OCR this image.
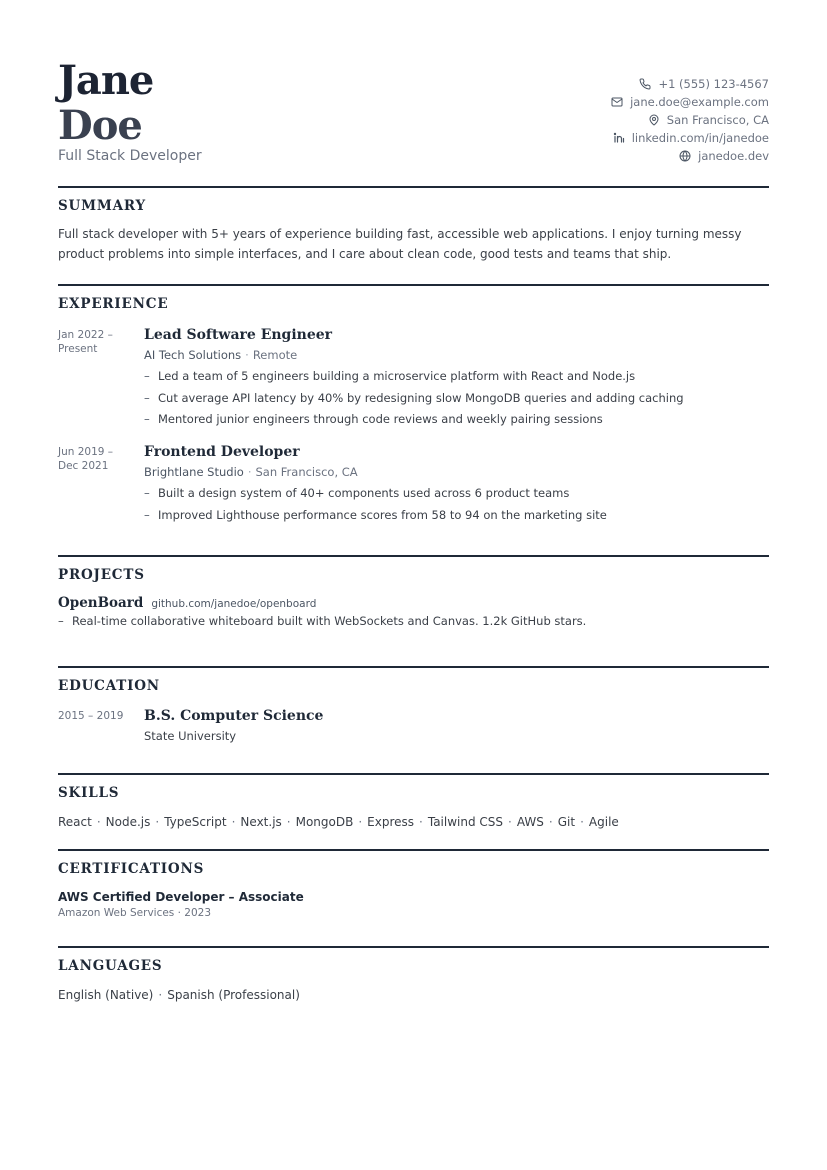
Jane
Doe
Full Stack Developer
+1 (555) 123-4567
jane.doe@example.com
San Francisco, CA
linkedin.com/in/janedoe
janedoe.dev
SUMMARY
Full stack developer with 5+ years of experience building fast, accessible web applications. I enjoy turning messy product problems into simple interfaces, and I care about clean code, good tests and teams that ship.
EXPERIENCE
Jan 2022 –
Present
Lead Software Engineer
AI Tech Solutions · Remote
– Led a team of 5 engineers building a microservice platform with React and Node.js
– Cut average API latency by 40% by redesigning slow MongoDB queries and adding caching
– Mentored junior engineers through code reviews and weekly pairing sessions
Jun 2019 –
Dec 2021
Frontend Developer
Brightlane Studio · San Francisco, CA
– Built a design system of 40+ components used across 6 product teams
– Improved Lighthouse performance scores from 58 to 94 on the marketing site
PROJECTS
OpenBoard github.com/janedoe/openboard
– Real-time collaborative whiteboard built with WebSockets and Canvas. 1.2k GitHub stars.
EDUCATION
2015 – 2019	B.S. Computer Science
State University
SKILLS
React · Node.js · TypeScript · Next.js · MongoDB · Express · Tailwind CSS · AWS · Git · Agile
CERTIFICATIONS
AWS Certified Developer – Associate
Amazon Web Services · 2023
LANGUAGES
English (Native) · Spanish (Professional)
